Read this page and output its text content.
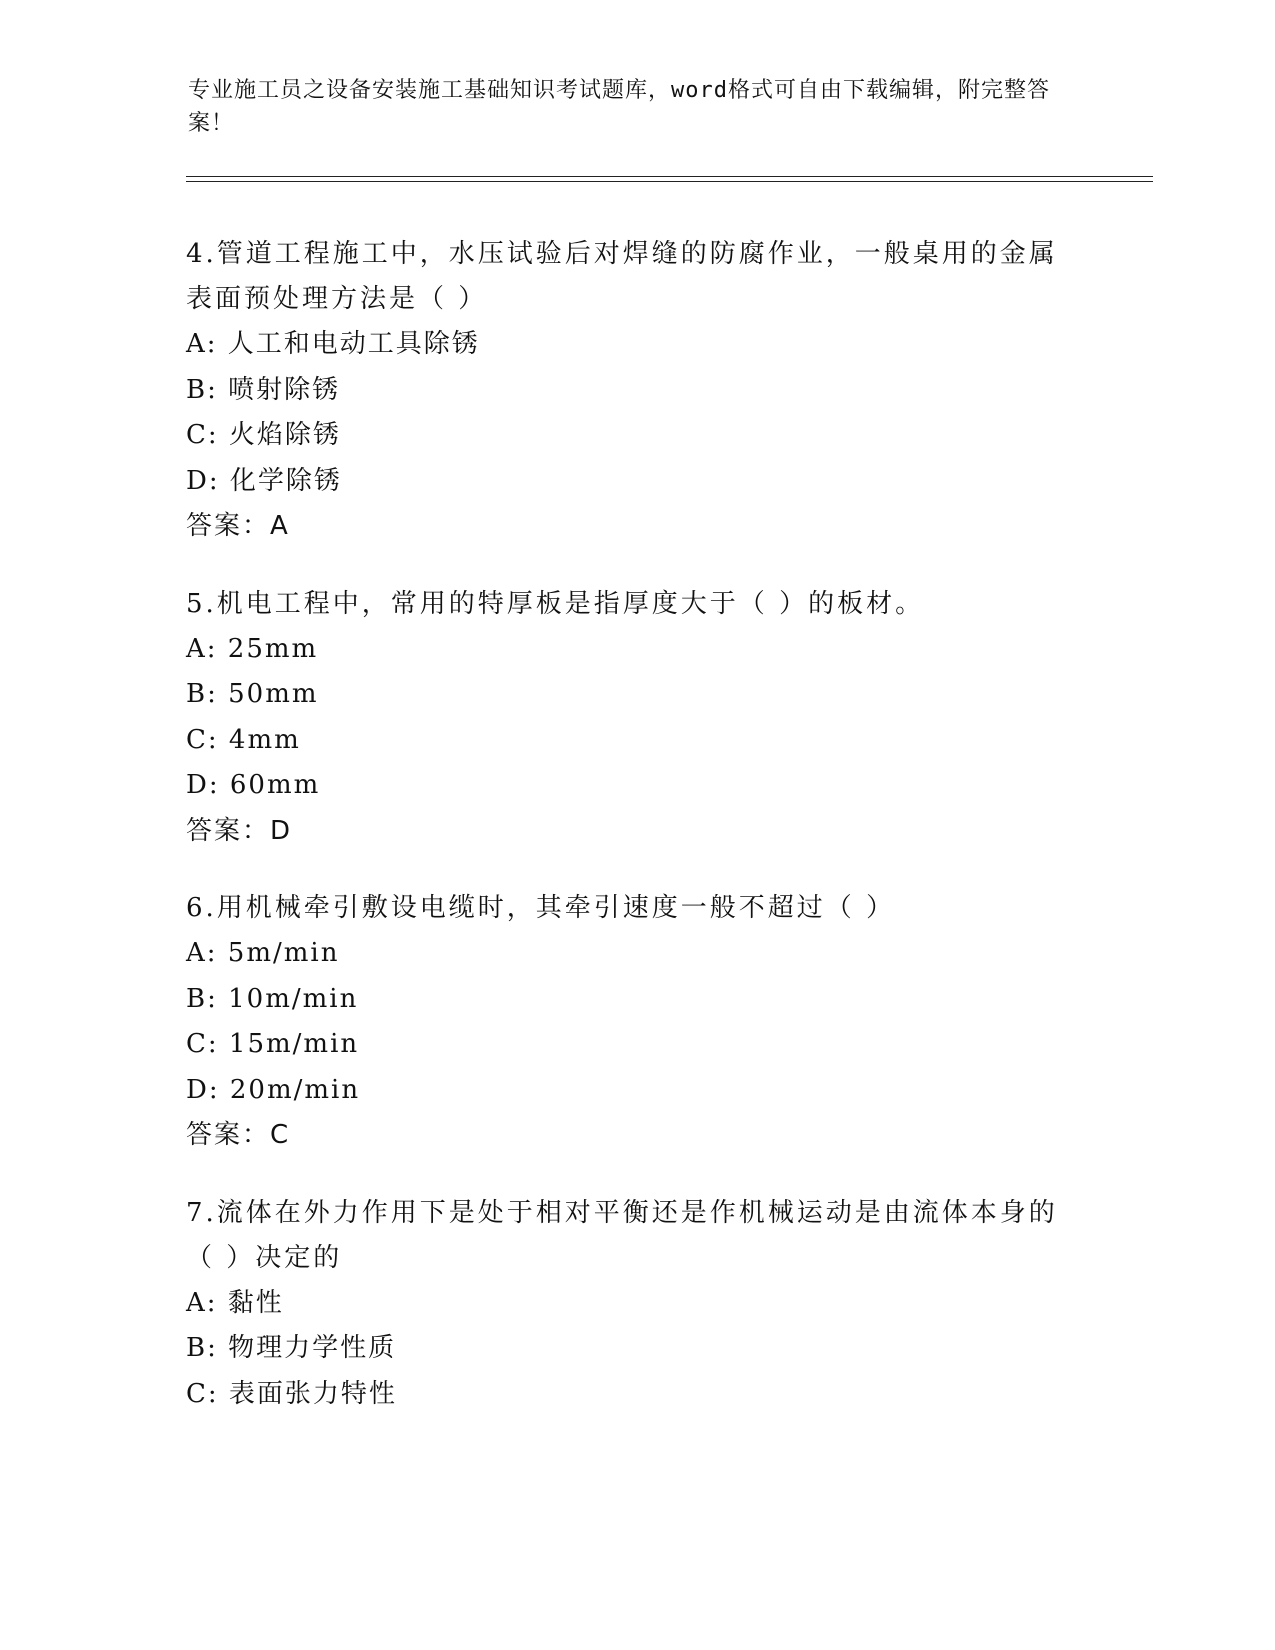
专业施工员之设备安装施工基础知识考试题库，word格式可自由下载编辑，附完整答案！

4.管道工程施工中，水压试验后对焊缝的防腐作业，一般桌用的金属表面预处理方法是（ ）

A: 人工和电动工具除锈

B: 喷射除锈

C: 火焰除锈

D: 化学除锈

答案：A

5.机电工程中，常用的特厚板是指厚度大于（ ）的板材。

A: 25mm

B: 50mm

C: 4mm

D: 60mm

答案：D

6.用机械牵引敷设电缆时，其牵引速度一般不超过（ ）

A: 5m/min

B: 10m/min

C: 15m/min

D: 20m/min

答案：C

7.流体在外力作用下是处于相对平衡还是作机械运动是由流体本身的（ ）决定的

A: 黏性

B: 物理力学性质

C: 表面张力特性
